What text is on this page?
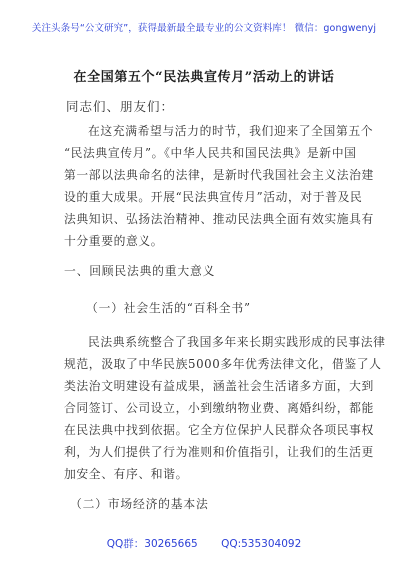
关注头条号“公文研究”，获得最新最全最专业的公文资料库！ 微信：gongwenyj
在全国第五个“民法典宣传月”活动上的讲话
同志们、朋友们：
在这充满希望与活力的时节，我们迎来了全国第五个
“民法典宣传月”。《中华人民共和国民法典》是新中国
第一部以法典命名的法律，是新时代我国社会主义法治建
设的重大成果。开展“民法典宣传月”活动，对于普及民
法典知识、弘扬法治精神、推动民法典全面有效实施具有
十分重要的意义。
一、回顾民法典的重大意义
（一）社会生活的“百科全书”
民法典系统整合了我国多年来长期实践形成的民事法律
规范，汲取了中华民族5000多年优秀法律文化，借鉴了人
类法治文明建设有益成果，涵盖社会生活诸多方面，大到
合同签订、公司设立，小到缴纳物业费、离婚纠纷，都能
在民法典中找到依据。它全方位保护人民群众各项民事权
利，为人们提供了行为准则和价值指引，让我们的生活更
加安全、有序、和谐。
（二）市场经济的基本法
QQ群：30265665 QQ:535304092
